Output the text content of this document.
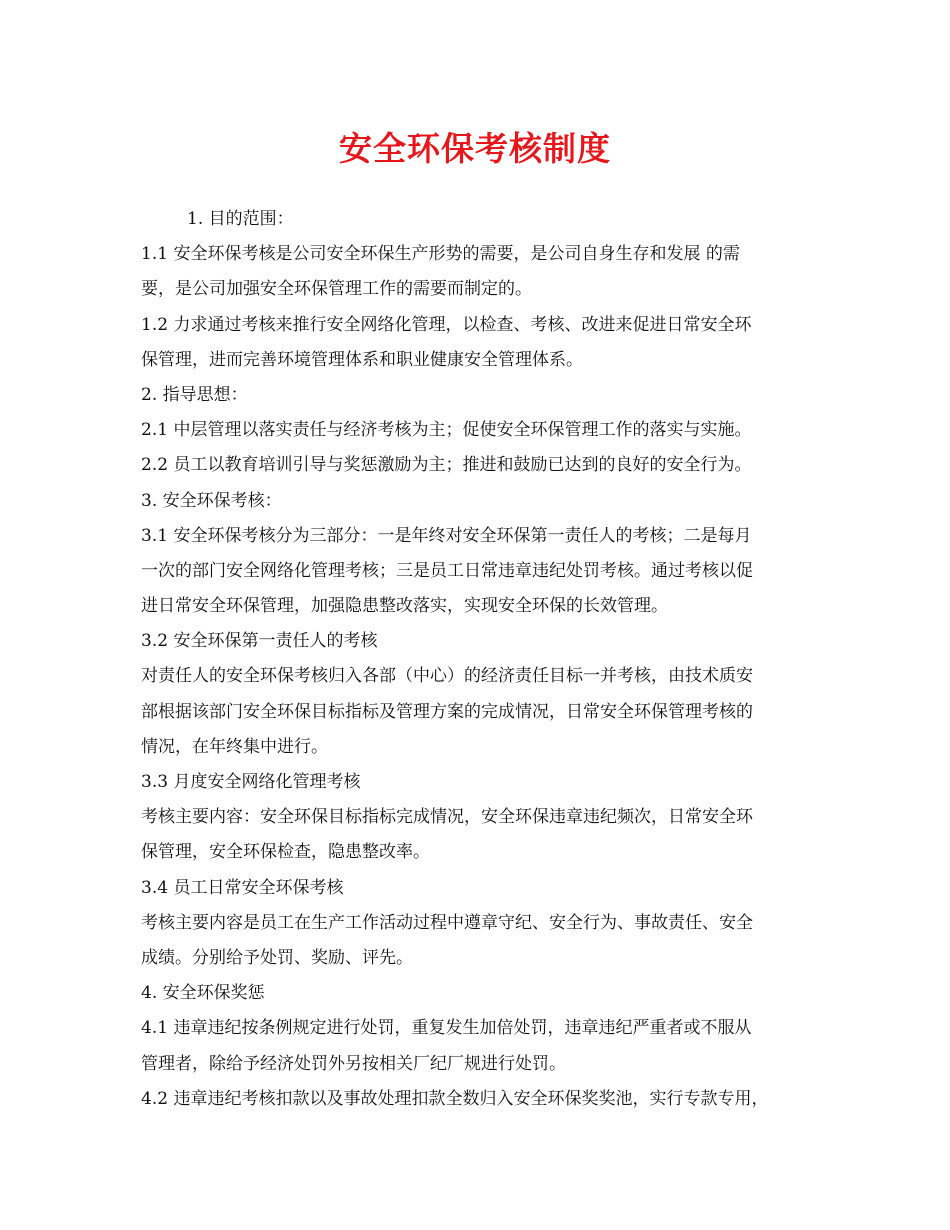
安全环保考核制度
1. 目的范围：
1.1 安全环保考核是公司安全环保生产形势的需要，是公司自身生存和发展 的需
要，是公司加强安全环保管理工作的需要而制定的。
1.2 力求通过考核来推行安全网络化管理，以检查、考核、改进来促进日常安全环
保管理，进而完善环境管理体系和职业健康安全管理体系。
2. 指导思想：
2.1 中层管理以落实责任与经济考核为主；促使安全环保管理工作的落实与实施。
2.2 员工以教育培训引导与奖惩激励为主；推进和鼓励已达到的良好的安全行为。
3. 安全环保考核：
3.1 安全环保考核分为三部分：一是年终对安全环保第一责任人的考核；二是每月
一次的部门安全网络化管理考核；三是员工日常违章违纪处罚考核。通过考核以促
进日常安全环保管理，加强隐患整改落实，实现安全环保的长效管理。
3.2 安全环保第一责任人的考核
对责任人的安全环保考核归入各部（中心）的经济责任目标一并考核，由技术质安
部根据该部门安全环保目标指标及管理方案的完成情况，日常安全环保管理考核的
情况，在年终集中进行。
3.3 月度安全网络化管理考核
考核主要内容：安全环保目标指标完成情况，安全环保违章违纪频次，日常安全环
保管理，安全环保检查，隐患整改率。
3.4 员工日常安全环保考核
考核主要内容是员工在生产工作活动过程中遵章守纪、安全行为、事故责任、安全
成绩。分别给予处罚、奖励、评先。
4. 安全环保奖惩
4.1 违章违纪按条例规定进行处罚，重复发生加倍处罚，违章违纪严重者或不服从
管理者，除给予经济处罚外另按相关厂纪厂规进行处罚。
4.2 违章违纪考核扣款以及事故处理扣款全数归入安全环保奖奖池，实行专款专用，
